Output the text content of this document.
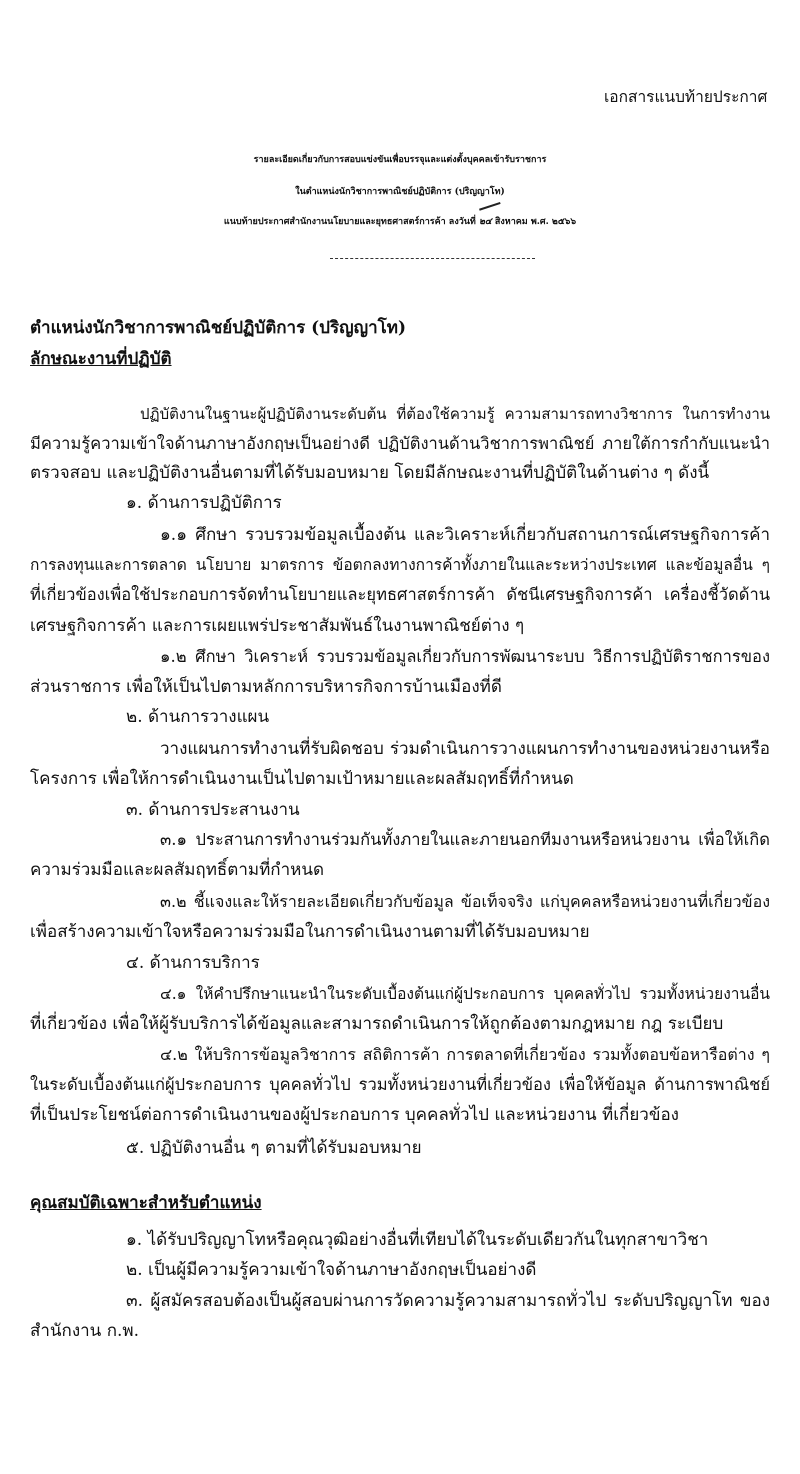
เอกสารแนบท้ายประกาศ
รายละเอียดเกี่ยวกับการสอบแข่งขันเพื่อบรรจุและแต่งตั้งบุคคลเข้ารับราชการ
ในตำแหน่งนักวิชาการพาณิชย์ปฏิบัติการ (ปริญญาโท)
แนบท้ายประกาศสำนักงานนโยบายและยุทธศาสตร์การค้า ลงวันที่ ๒๔ สิงหาคม พ.ศ. ๒๕๖๖
ตำแหน่งนักวิชาการพาณิชย์ปฏิบัติการ (ปริญญาโท)
ลักษณะงานที่ปฏิบัติ
ปฏิบัติงานในฐานะผู้ปฏิบัติงานระดับต้น ที่ต้องใช้ความรู้ ความสามารถทางวิชาการ ในการทำงาน
มีความรู้ความเข้าใจด้านภาษาอังกฤษเป็นอย่างดี ปฏิบัติงานด้านวิชาการพาณิชย์ ภายใต้การกำกับแนะนำ
ตรวจสอบ และปฏิบัติงานอื่นตามที่ได้รับมอบหมาย โดยมีลักษณะงานที่ปฏิบัติในด้านต่าง ๆ ดังนี้
๑. ด้านการปฏิบัติการ
๑.๑ ศึกษา รวบรวมข้อมูลเบื้องต้น และวิเคราะห์เกี่ยวกับสถานการณ์เศรษฐกิจการค้า
การลงทุนและการตลาด นโยบาย มาตรการ ข้อตกลงทางการค้าทั้งภายในและระหว่างประเทศ และข้อมูลอื่น ๆ
ที่เกี่ยวข้องเพื่อใช้ประกอบการจัดทำนโยบายและยุทธศาสตร์การค้า ดัชนีเศรษฐกิจการค้า เครื่องชี้วัดด้าน
เศรษฐกิจการค้า และการเผยแพร่ประชาสัมพันธ์ในงานพาณิชย์ต่าง ๆ
๑.๒ ศึกษา วิเคราะห์ รวบรวมข้อมูลเกี่ยวกับการพัฒนาระบบ วิธีการปฏิบัติราชการของ
ส่วนราชการ เพื่อให้เป็นไปตามหลักการบริหารกิจการบ้านเมืองที่ดี
๒. ด้านการวางแผน
วางแผนการทำงานที่รับผิดชอบ ร่วมดำเนินการวางแผนการทำงานของหน่วยงานหรือ
โครงการ เพื่อให้การดำเนินงานเป็นไปตามเป้าหมายและผลสัมฤทธิ์ที่กำหนด
๓. ด้านการประสานงาน
๓.๑ ประสานการทำงานร่วมกันทั้งภายในและภายนอกทีมงานหรือหน่วยงาน เพื่อให้เกิด
ความร่วมมือและผลสัมฤทธิ์ตามที่กำหนด
๓.๒ ชี้แจงและให้รายละเอียดเกี่ยวกับข้อมูล ข้อเท็จจริง แก่บุคคลหรือหน่วยงานที่เกี่ยวข้อง
เพื่อสร้างความเข้าใจหรือความร่วมมือในการดำเนินงานตามที่ได้รับมอบหมาย
๔. ด้านการบริการ
๔.๑ ให้คำปรึกษาแนะนำในระดับเบื้องต้นแก่ผู้ประกอบการ บุคคลทั่วไป รวมทั้งหน่วยงานอื่น
ที่เกี่ยวข้อง เพื่อให้ผู้รับบริการได้ข้อมูลและสามารถดำเนินการให้ถูกต้องตามกฎหมาย กฎ ระเบียบ
๔.๒ ให้บริการข้อมูลวิชาการ สถิติการค้า การตลาดที่เกี่ยวข้อง รวมทั้งตอบข้อหารือต่าง ๆ
ในระดับเบื้องต้นแก่ผู้ประกอบการ บุคคลทั่วไป รวมทั้งหน่วยงานที่เกี่ยวข้อง เพื่อให้ข้อมูล ด้านการพาณิชย์
ที่เป็นประโยชน์ต่อการดำเนินงานของผู้ประกอบการ บุคคลทั่วไป และหน่วยงาน ที่เกี่ยวข้อง
๕. ปฏิบัติงานอื่น ๆ ตามที่ได้รับมอบหมาย
คุณสมบัติเฉพาะสำหรับตำแหน่ง
๑. ได้รับปริญญาโทหรือคุณวุฒิอย่างอื่นที่เทียบได้ในระดับเดียวกันในทุกสาขาวิชา
๒. เป็นผู้มีความรู้ความเข้าใจด้านภาษาอังกฤษเป็นอย่างดี
๓. ผู้สมัครสอบต้องเป็นผู้สอบผ่านการวัดความรู้ความสามารถทั่วไป ระดับปริญญาโท ของ
สำนักงาน ก.พ.
